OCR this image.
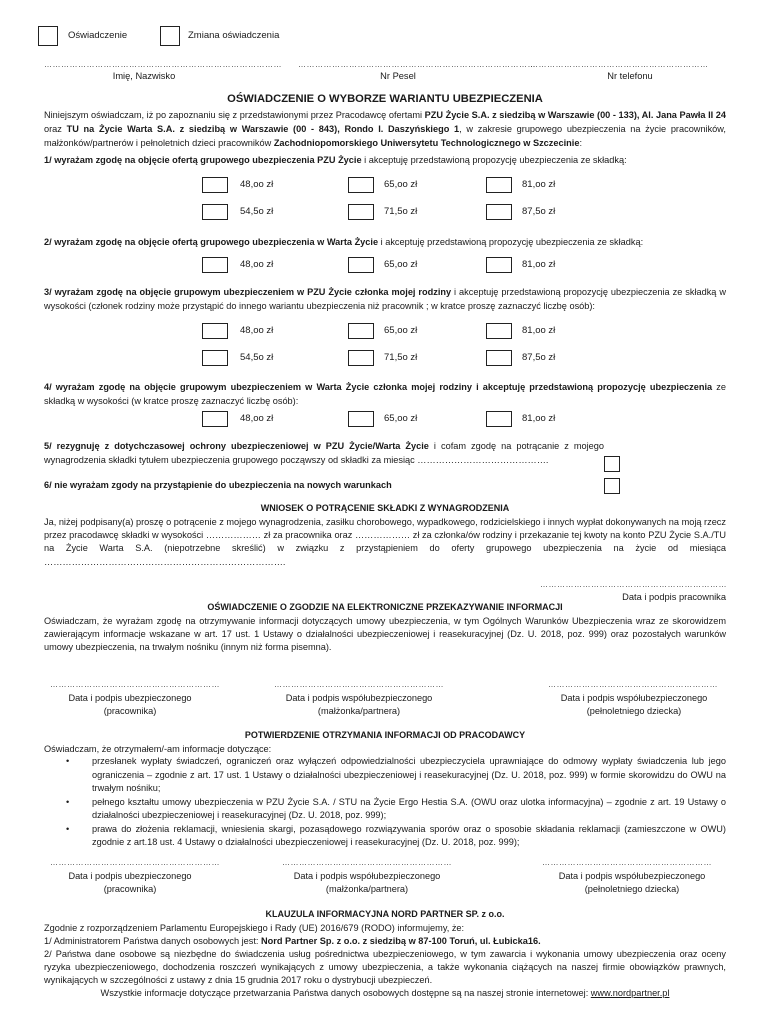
Oświadczenie	Zmiana oświadczenia
………………………………………………………………………… …………………………………………………………………………
………………………………………………………
Imię, Nazwisko	Nr Pesel	Nr telefonu
OŚWIADCZENIE O WYBORZE WARIANTU UBEZPIECZENIA
Niniejszym oświadczam, iż po zapoznaniu się z przedstawionymi przez Pracodawcę ofertami PZU Życie S.A. z siedzibą w Warszawie (00 - 133), Al. Jana Pawła II 24 oraz TU na Życie Warta S.A. z siedzibą w Warszawie (00 - 843), Rondo I. Daszyńskiego 1, w zakresie grupowego ubezpieczenia na życie pracowników, małżonków/partnerów i pełnoletnich dzieci pracowników Zachodniopomorskiego Uniwersytetu Technologicznego w Szczecinie:
1/ wyrażam zgodę na objęcie ofertą grupowego ubezpieczenia PZU Życie i akceptuję przedstawioną propozycję ubezpieczenia ze składką:
48,oo zł	65,oo zł	81,oo zł
54,5o zł	71,5o zł	87,5o zł
2/ wyrażam zgodę na objęcie ofertą grupowego ubezpieczenia w Warta Życie i akceptuję przedstawioną propozycję ubezpieczenia ze składką:
48,oo zł	65,oo zł	81,oo zł
3/ wyrażam zgodę na objęcie grupowym ubezpieczeniem w PZU Życie członka mojej rodziny i akceptuję przedstawioną propozycję ubezpieczenia ze składką w wysokości (członek rodziny może przystąpić do innego wariantu ubezpieczenia niż pracownik ; w kratce proszę zaznaczyć liczbę osób):
48,oo zł	65,oo zł	81,oo zł
54,5o zł	71,5o zł	87,5o zł
4/ wyrażam zgodę na objęcie grupowym ubezpieczeniem w Warta Życie członka mojej rodziny i akceptuję przedstawioną propozycję ubezpieczenia ze składką w wysokości (w kratce proszę zaznaczyć liczbę osób):
48,oo zł	65,oo zł	81,oo zł
5/ rezygnuję z dotychczasowej ochrony ubezpieczeniowej w PZU Życie/Warta Życie i cofam zgodę na potrącanie z mojego wynagrodzenia składki tytułem ubezpieczenia grupowego począwszy od składki za miesiąc …………………………………….
6/ nie wyrażam zgody na przystąpienie do ubezpieczenia na nowych warunkach
WNIOSEK O POTRĄCENIE SKŁADKI Z WYNAGRODZENIA
Ja, niżej podpisany(a) proszę o potrącenie z mojego wynagrodzenia, zasiłku chorobowego, wypadkowego, rodzicielskiego i innych wypłat dokonywanych na moją rzecz przez pracodawcę składki w wysokości ……………… zł za pracownika oraz ……………… zł za członka/ów rodziny i przekazanie tej kwoty na konto PZU Życie S.A./TU na Życie Warta S.A. (niepotrzebne skreślić) w związku z przystąpieniem do oferty grupowego ubezpieczenia na życie od miesiąca …………………………………………………………………….
…………………………………………………………
Data i podpis pracownika
OŚWIADCZENIE O ZGODZIE NA ELEKTRONICZNE PRZEKAZYWANIE INFORMACJI
Oświadczam, że wyrażam zgodę na otrzymywanie informacji dotyczących umowy ubezpieczenia, w tym Ogólnych Warunków Ubezpieczenia wraz ze skorowidzem zawierającym informacje wskazane w art. 17 ust. 1 Ustawy o działalności ubezpieczeniowej i reasekuracyjnej (Dz. U. 2018, poz. 999) oraz pozostałych warunków umowy ubezpieczenia, na trwałym nośniku (innym niż forma pisemna).
……………………………………………………	……………………………………………………	……………………………………………………
Data i podpis ubezpieczonego
(pracownika)
Data i podpis współubezpieczonego
(małżonka/partnera)
Data i podpis współubezpieczonego
(pełnoletniego dziecka)
POTWIERDZENIE OTRZYMANIA INFORMACJI OD PRACODAWCY
Oświadczam, że otrzymałem/-am informacje dotyczące:
• przesłanek wypłaty świadczeń, ograniczeń oraz wyłączeń odpowiedzialności ubezpieczyciela uprawniające do odmowy wypłaty świadczenia lub jego ograniczenia – zgodnie z art. 17 ust. 1 Ustawy o działalności ubezpieczeniowej i reasekuracyjnej (Dz. U. 2018, poz. 999) w formie skorowidzu do OWU na trwałym nośniku;
• pełnego kształtu umowy ubezpieczenia w PZU Życie S.A. / STU na Życie Ergo Hestia S.A. (OWU oraz ulotka informacyjna) – zgodnie z art. 19 Ustawy o działalności ubezpieczeniowej i reasekuracyjnej (Dz. U. 2018, poz. 999);
• prawa do złożenia reklamacji, wniesienia skargi, pozasądowego rozwiązywania sporów oraz o sposobie składania reklamacji (zamieszczone w OWU) zgodnie z art.18 ust. 4 Ustawy o działalności ubezpieczeniowej i reasekuracyjnej (Dz. U. 2018, poz. 999);
……………………………………………………	……………………………………………………	……………………………………………………
Data i podpis ubezpieczonego
(pracownika)
Data i podpis współubezpieczonego
(małżonka/partnera)
Data i podpis współubezpieczonego
(pełnoletniego dziecka)
KLAUZULA INFORMACYJNA NORD PARTNER SP. z o.o.
Zgodnie z rozporządzeniem Parlamentu Europejskiego i Rady (UE) 2016/679 (RODO) informujemy, że:
1/ Administratorem Państwa danych osobowych jest: Nord Partner Sp. z o.o. z siedzibą w 87-100 Toruń, ul. Łubicka16.
2/ Państwa dane osobowe są niezbędne do świadczenia usług pośrednictwa ubezpieczeniowego, w tym zawarcia i wykonania umowy ubezpieczenia oraz oceny ryzyka ubezpieczeniowego, dochodzenia roszczeń wynikających z umowy ubezpieczenia, a także wykonania ciążących na naszej firmie obowiązków prawnych, wynikających w szczególności z ustawy z dnia 15 grudnia 2017 roku o dystrybucji ubezpieczeń.
Wszystkie informacje dotyczące przetwarzania Państwa danych osobowych dostępne są na naszej stronie internetowej: www.nordpartner.pl
